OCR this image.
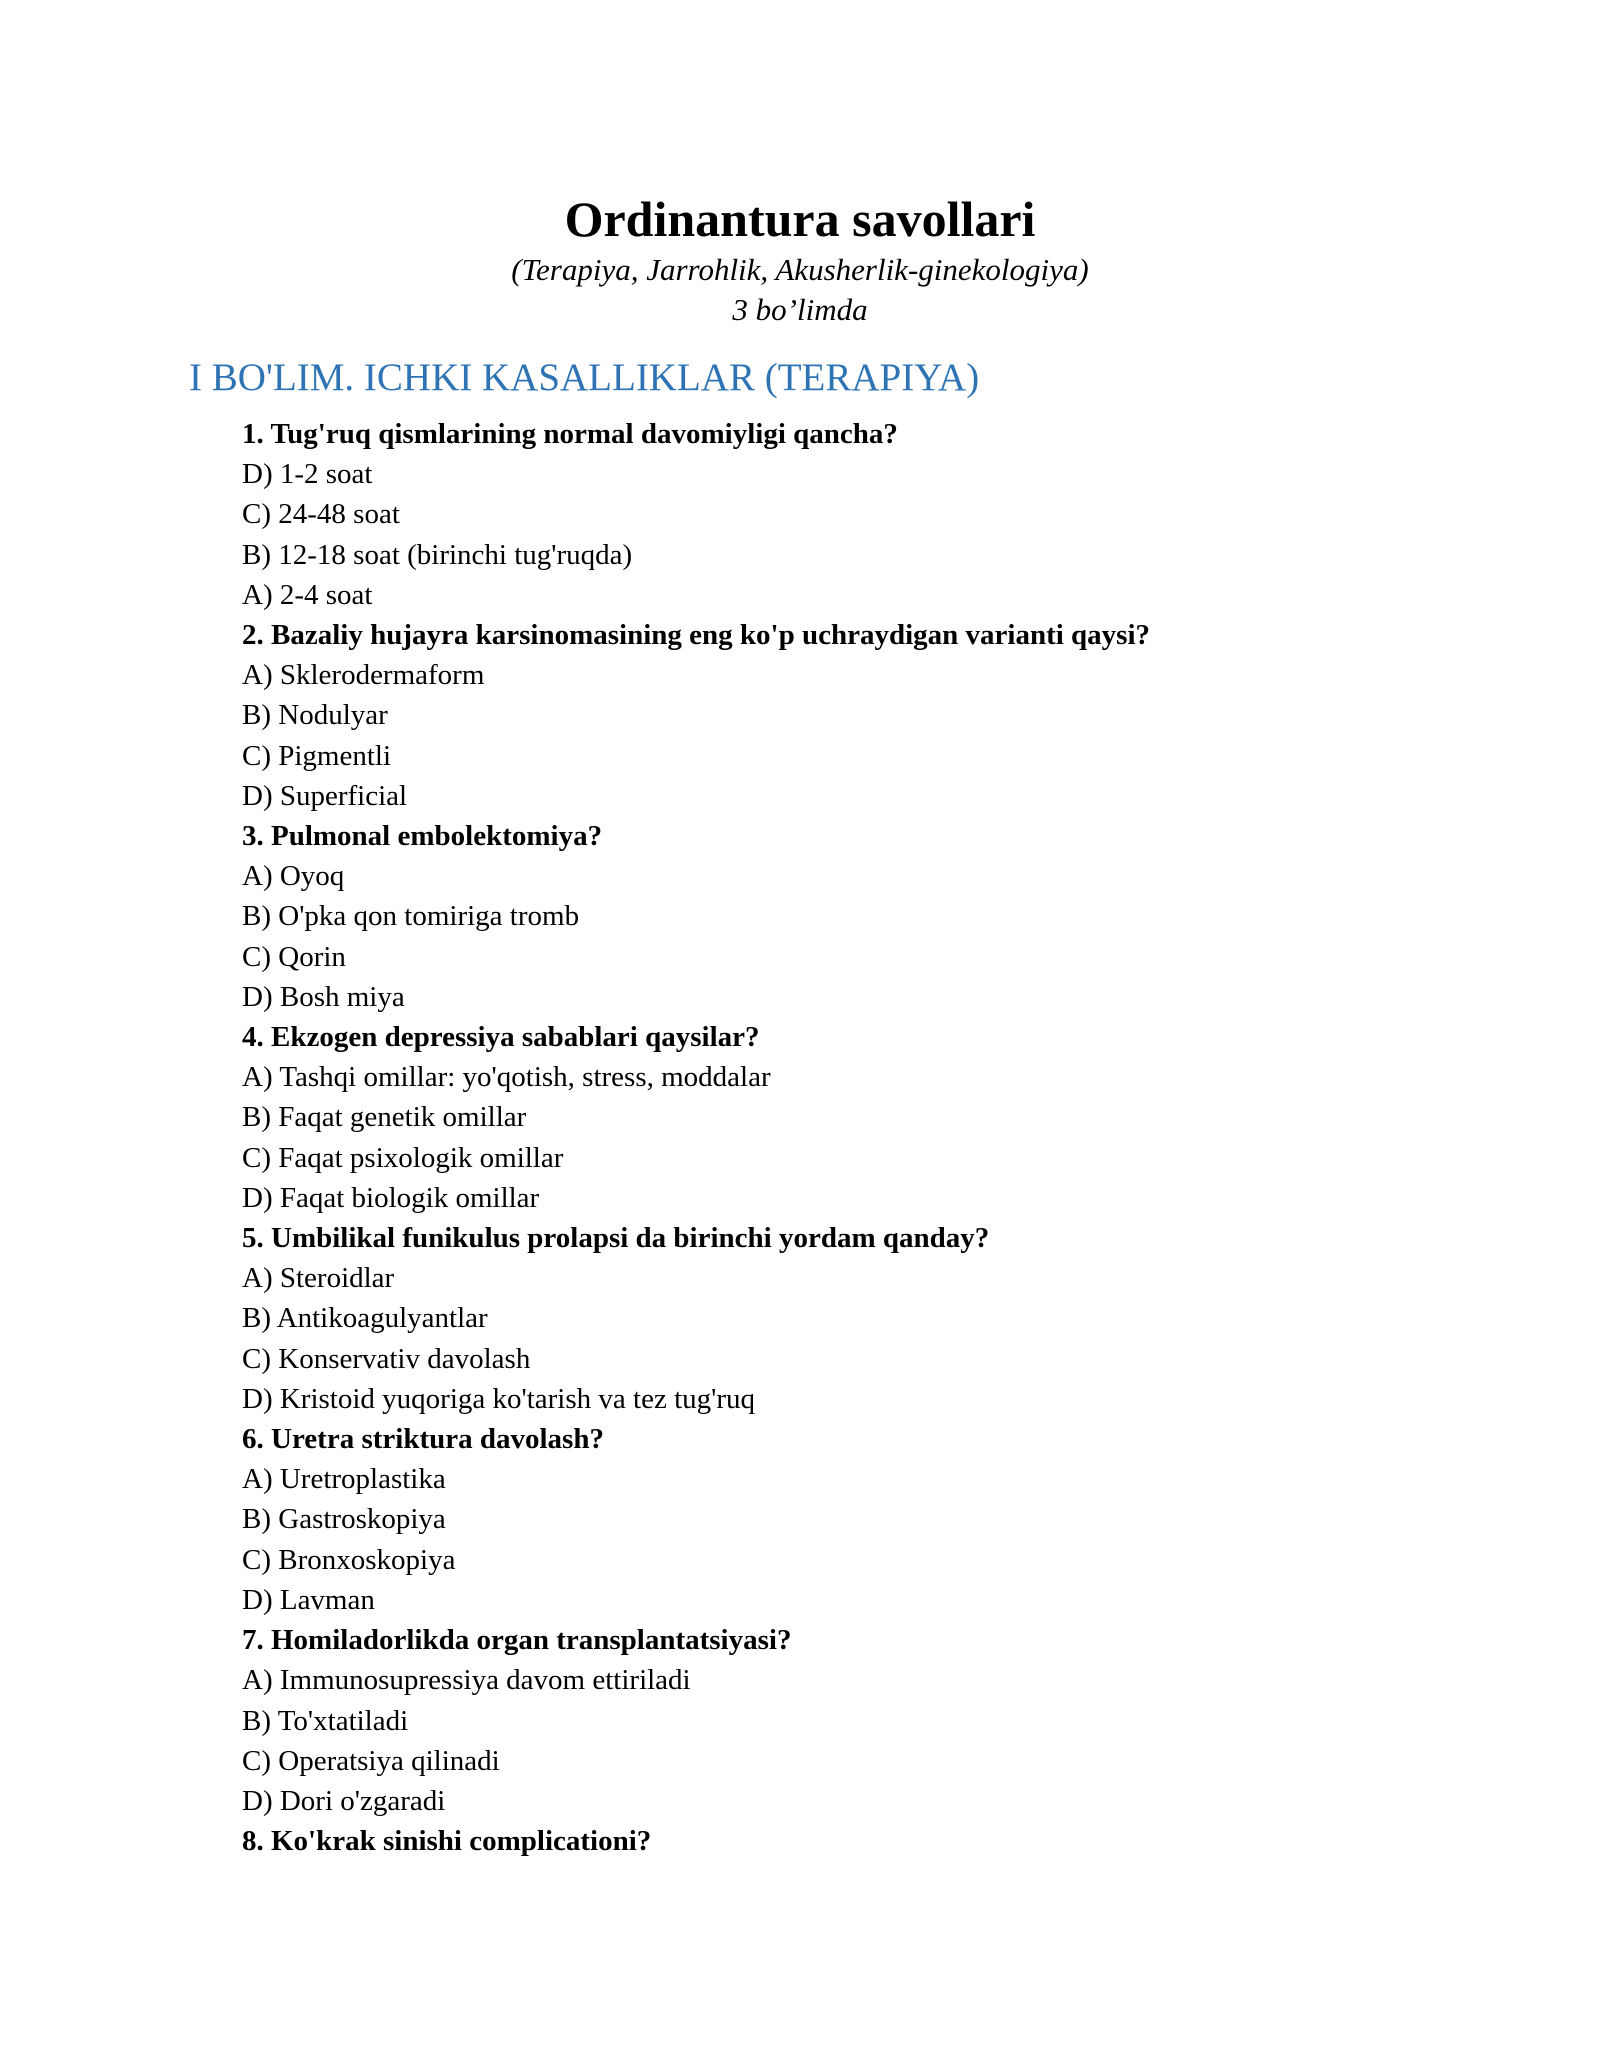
Ordinantura savollari

(Terapiya, Jarrohlik, Akusherlik-ginekologiya)

3 bo’limda

I BO'LIM. ICHKI KASALLIKLAR (TERAPIYA)
1. Tug'ruq qismlarining normal davomiyligi qancha?
D) 1-2 soat
C) 24-48 soat
B) 12-18 soat (birinchi tug'ruqda)
A) 2-4 soat
2. Bazaliy hujayra karsinomasining eng ko'p uchraydigan varianti qaysi?
A) Sklerodermaform
B) Nodulyar
C) Pigmentli
D) Superficial
3. Pulmonal embolektomiya?
A) Oyoq
B) O'pka qon tomiriga tromb
C) Qorin
D) Bosh miya
4. Ekzogen depressiya sabablari qaysilar?
A) Tashqi omillar: yo'qotish, stress, moddalar
B) Faqat genetik omillar
C) Faqat psixologik omillar
D) Faqat biologik omillar
5. Umbilikal funikulus prolapsi da birinchi yordam qanday?
A) Steroidlar
B) Antikoagulyantlar
C) Konservativ davolash
D) Kristoid yuqoriga ko'tarish va tez tug'ruq
6. Uretra striktura davolash?
A) Uretroplastika
B) Gastroskopiya
C) Bronxoskopiya
D) Lavman
7. Homiladorlikda organ transplantatsiyasi?
A) Immunosupressiya davom ettiriladi
B) To'xtatiladi
C) Operatsiya qilinadi
D) Dori o'zgaradi
8. Ko'krak sinishi complicationi?
